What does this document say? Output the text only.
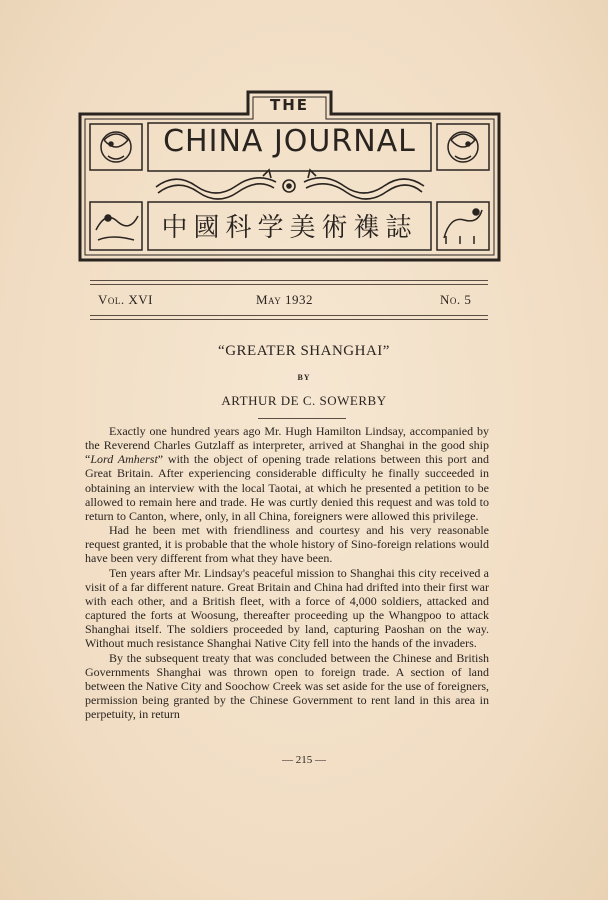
THE
CHINA JOURNAL
中國科学美術襍誌
Vol. XVI	May 1932	No. 5
“GREATER SHANGHAI”
BY
ARTHUR DE C. SOWERBY

Exactly one hundred years ago Mr. Hugh Hamilton Lindsay, accompanied by the Reverend Charles Gutzlaff as interpreter, arrived at Shanghai in the good ship “Lord Amherst” with the object of opening trade relations between this port and Great Britain. After experiencing considerable difficulty he finally succeeded in obtaining an interview with the local Taotai, at which he presented a petition to be allowed to remain here and trade. He was curtly denied this request and was told to return to Canton, where, only, in all China, foreigners were allowed this privilege.

Had he been met with friendliness and courtesy and his very reasonable request granted, it is probable that the whole history of Sino-foreign relations would have been very different from what they have been.

Ten years after Mr. Lindsay's peaceful mission to Shanghai this city received a visit of a far different nature. Great Britain and China had drifted into their first war with each other, and a British fleet, with a force of 4,000 soldiers, attacked and captured the forts at Woosung, thereafter proceeding up the Whangpoo to attack Shanghai itself. The soldiers proceeded by land, capturing Paoshan on the way. Without much resistance Shanghai Native City fell into the hands of the invaders.

By the subsequent treaty that was concluded between the Chinese and British Governments Shanghai was thrown open to foreign trade. A section of land between the Native City and Soochow Creek was set aside for the use of foreigners, permission being granted by the Chinese Government to rent land in this area in perpetuity, in return

— 215 —
